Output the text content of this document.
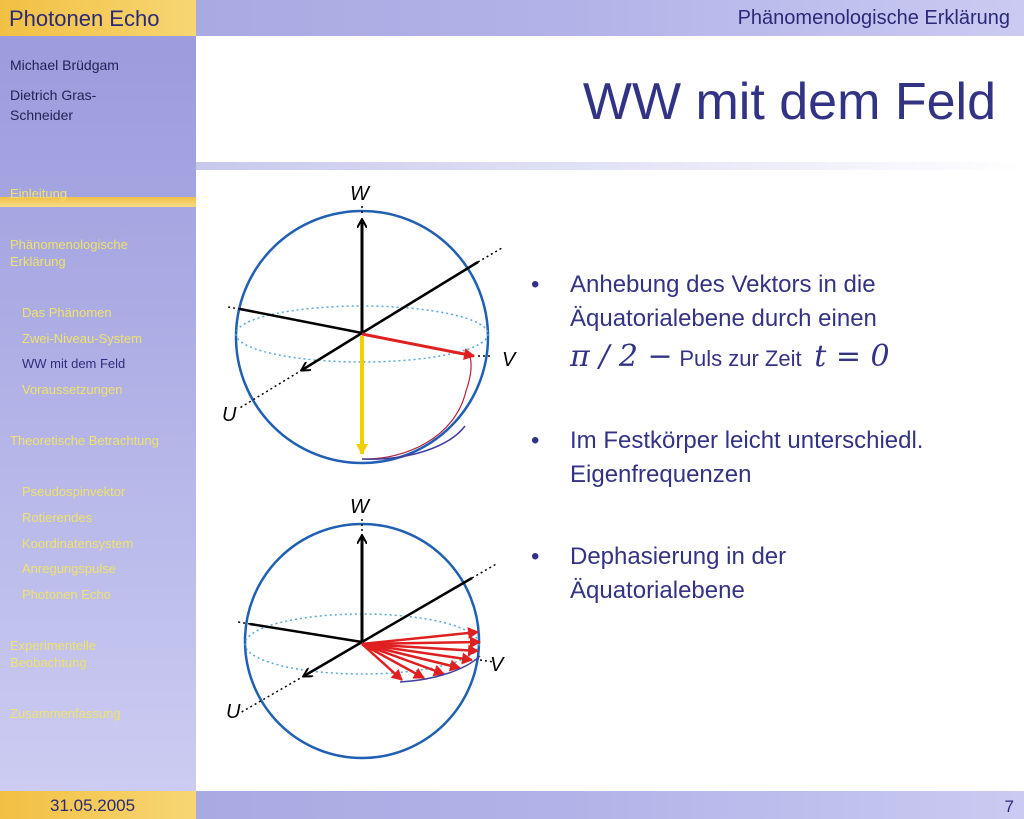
Photonen Echo	Phänomenologische Erklärung
Michael Brüdgam
Dietrich Gras-
Schneider
Einleitung
Phänomenologische
Erklärung
Das Phänomen
Zwei-Niveau-System
WW mit dem Feld
Voraussetzungen
Theoretische Betrachtung
Pseudospinvektor
Rotierendes
Koordinatensystem
Anregungspulse
Photonen Echo
Experimentelle
Beobachtung
Zusammenfassung
WW mit dem Feld
W
V
U
W
V
U
• Anhebung des Vektors in die
Äquatorialebene durch einen
π / 2 − Puls zur Zeit t = 0
• Im Festkörper leicht unterschiedl.
Eigenfrequenzen
• Dephasierung in der
Äquatorialebene
31.05.2005	7
